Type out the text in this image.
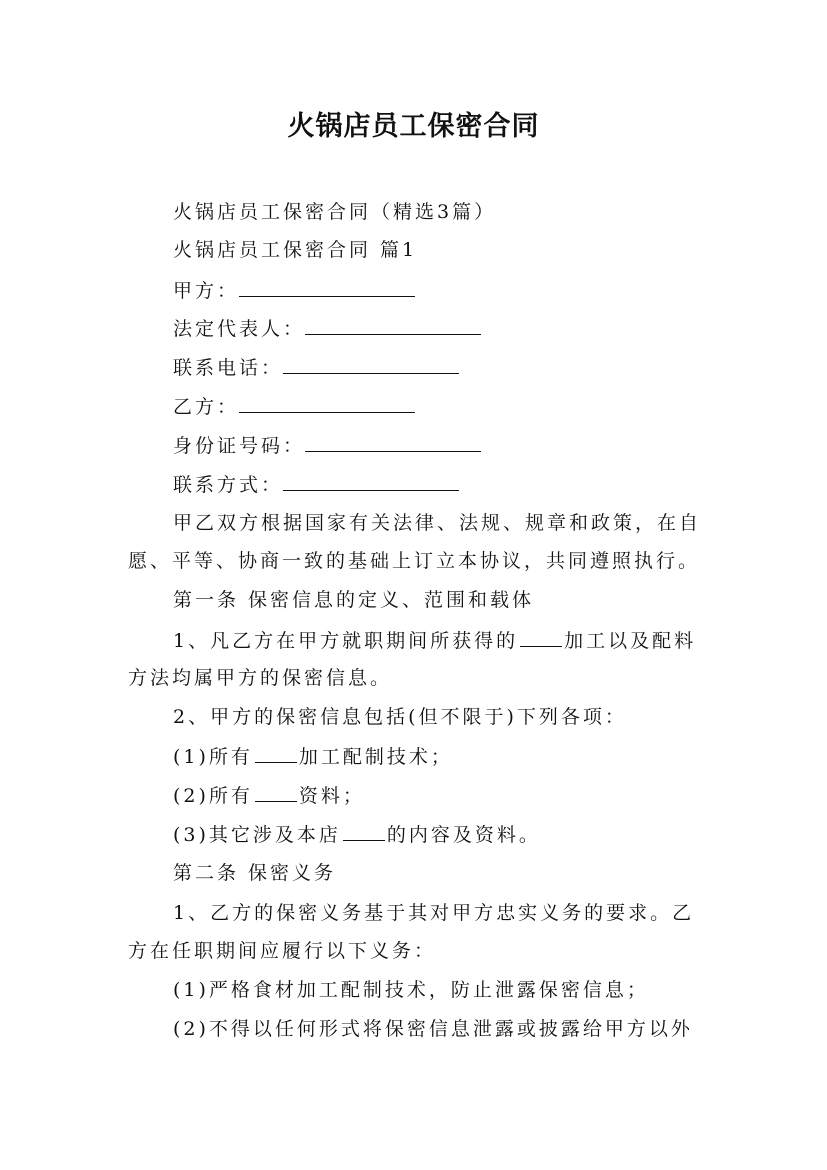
火锅店员工保密合同
火锅店员工保密合同（精选3篇）
火锅店员工保密合同 篇1
甲方：
法定代表人：
联系电话：
乙方：
身份证号码：
联系方式：
甲乙双方根据国家有关法律、法规、规章和政策，在自
愿、平等、协商一致的基础上订立本协议，共同遵照执行。
第一条 保密信息的定义、范围和载体
1、凡乙方在甲方就职期间所获得的 加工以及配料
方法均属甲方的保密信息。
2、甲方的保密信息包括(但不限于)下列各项：
(1)所有 加工配制技术；
(2)所有 资料；
(3)其它涉及本店 的内容及资料。
第二条 保密义务
1、乙方的保密义务基于其对甲方忠实义务的要求。乙
方在任职期间应履行以下义务：
(1)严格食材加工配制技术，防止泄露保密信息；
(2)不得以任何形式将保密信息泄露或披露给甲方以外
